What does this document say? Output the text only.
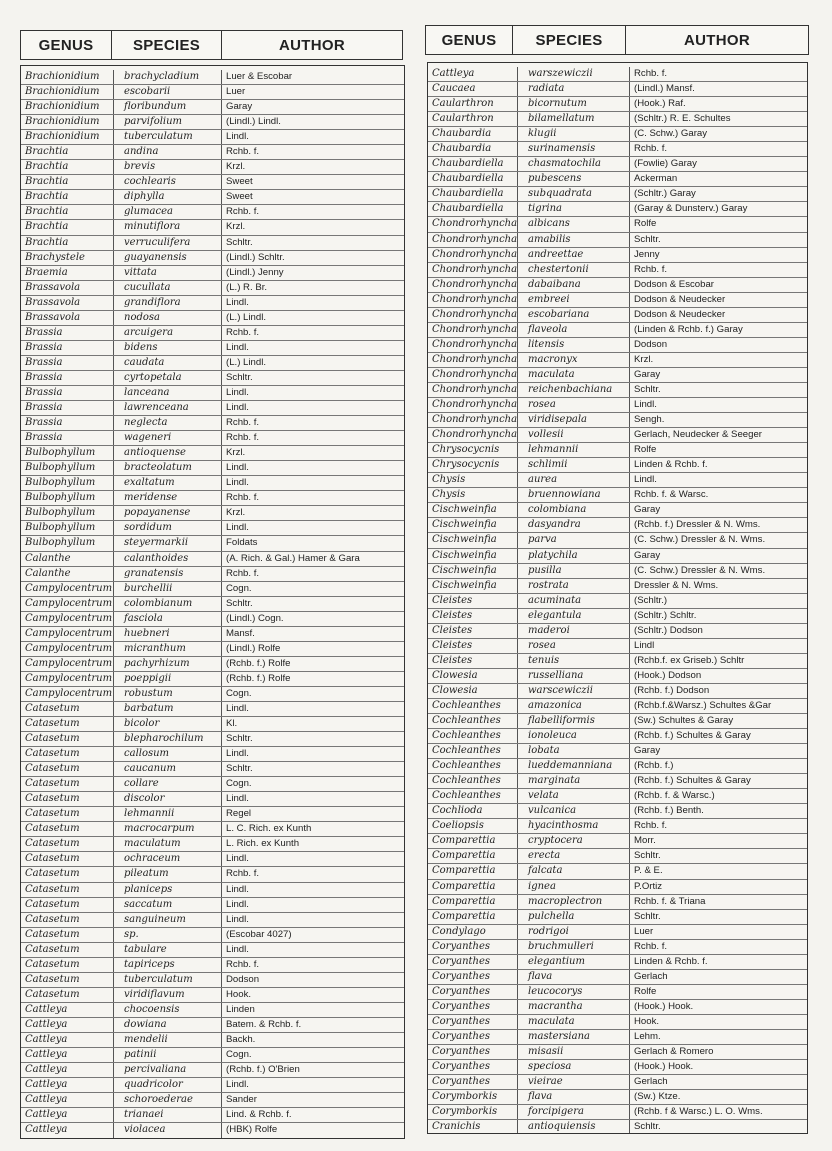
GENUS	SPECIES	AUTHOR	GENUS	SPECIES	AUTHOR
Brachionidium	brachycladium	Luer & Escobar
Brachionidium	escobarii	Luer
Brachionidium	floribundum	Garay
Brachionidium	parvifolium	(Lindl.) Lindl.
Brachionidium	tuberculatum	Lindl.
Brachtia	andina	Rchb. f.
Brachtia	brevis	Krzl.
Brachtia	cochlearis	Sweet
Brachtia	diphylla	Sweet
Brachtia	glumacea	Rchb. f.
Brachtia	minutiflora	Krzl.
Brachtia	verruculifera	Schltr.
Brachystele	guayanensis	(Lindl.) Schltr.
Braemia	vittata	(Lindl.) Jenny
Brassavola	cucullata	(L.) R. Br.
Brassavola	grandiflora	Lindl.
Brassavola	nodosa	(L.) Lindl.
Brassia	arcuigera	Rchb. f.
Brassia	bidens	Lindl.
Brassia	caudata	(L.) Lindl.
Brassia	cyrtopetala	Schltr.
Brassia	lanceana	Lindl.
Brassia	lawrenceana	Lindl.
Brassia	neglecta	Rchb. f.
Brassia	wageneri	Rchb. f.
Bulbophyllum	antioquense	Krzl.
Bulbophyllum	bracteolatum	Lindl.
Bulbophyllum	exaltatum	Lindl.
Bulbophyllum	meridense	Rchb. f.
Bulbophyllum	popayanense	Krzl.
Bulbophyllum	sordidum	Lindl.
Bulbophyllum	steyermarkii	Foldats
Calanthe	calanthoides	(A. Rich. & Gal.) Hamer & Gara
Calanthe	granatensis	Rchb. f.
Campylocentrum	burchellii	Cogn.
Campylocentrum	colombianum	Schltr.
Campylocentrum	fasciola	(Lindl.) Cogn.
Campylocentrum	huebneri	Mansf.
Campylocentrum	micranthum	(Lindl.) Rolfe
Campylocentrum	pachyrhizum	(Rchb. f.) Rolfe
Campylocentrum	poeppigii	(Rchb. f.) Rolfe
Campylocentrum	robustum	Cogn.
Catasetum	barbatum	Lindl.
Catasetum	bicolor	Kl.
Catasetum	blepharochilum	Schltr.
Catasetum	callosum	Lindl.
Catasetum	caucanum	Schltr.
Catasetum	collare	Cogn.
Catasetum	discolor	Lindl.
Catasetum	lehmannii	Regel
Catasetum	macrocarpum	L. C. Rich. ex Kunth
Catasetum	maculatum	L. Rich. ex Kunth
Catasetum	ochraceum	Lindl.
Catasetum	pileatum	Rchb. f.
Catasetum	planiceps	Lindl.
Catasetum	saccatum	Lindl.
Catasetum	sanguineum	Lindl.
Catasetum	sp.	(Escobar 4027)
Catasetum	tabulare	Lindl.
Catasetum	tapiriceps	Rchb. f.
Catasetum	tuberculatum	Dodson
Catasetum	viridiflavum	Hook.
Cattleya	chocoensis	Linden
Cattleya	dowiana	Batem. & Rchb. f.
Cattleya	mendelii	Backh.
Cattleya	patinii	Cogn.
Cattleya	percivaliana	(Rchb. f.) O'Brien
Cattleya	quadricolor	Lindl.
Cattleya	schoroederae	Sander
Cattleya	trianaei	Lind. & Rchb. f.
Cattleya	violacea	(HBK) Rolfe
Cattleya	warszewiczii	Rchb. f.
Caucaea	radiata	(Lindl.) Mansf.
Caularthron	bicornutum	(Hook.) Raf.
Caularthron	bilamellatum	(Schltr.) R. E. Schultes
Chaubardia	klugii	(C. Schw.) Garay
Chaubardia	surinamensis	Rchb. f.
Chaubardiella	chasmatochila	(Fowlie) Garay
Chaubardiella	pubescens	Ackerman
Chaubardiella	subquadrata	(Schltr.) Garay
Chaubardiella	tigrina	(Garay & Dunsterv.) Garay
Chondrorhyncha	albicans	Rolfe
Chondrorhyncha	amabilis	Schltr.
Chondrorhyncha	andreettae	Jenny
Chondrorhyncha	chestertonii	Rchb. f.
Chondrorhyncha	dabaibana	Dodson & Escobar
Chondrorhyncha	embreei	Dodson & Neudecker
Chondrorhyncha	escobariana	Dodson & Neudecker
Chondrorhyncha	flaveola	(Linden & Rchb. f.) Garay
Chondrorhyncha	litensis	Dodson
Chondrorhyncha	macronyx	Krzl.
Chondrorhyncha	maculata	Garay
Chondrorhyncha	reichenbachiana	Schltr.
Chondrorhyncha	rosea	Lindl.
Chondrorhyncha	viridisepala	Sengh.
Chondrorhyncha	vollesii	Gerlach, Neudecker & Seeger
Chrysocycnis	lehmannii	Rolfe
Chrysocycnis	schlimii	Linden & Rchb. f.
Chysis	aurea	Lindl.
Chysis	bruennowiana	Rchb. f. & Warsc.
Cischweinfia	colombiana	Garay
Cischweinfia	dasyandra	(Rchb. f.) Dressler & N. Wms.
Cischweinfia	parva	(C. Schw.) Dressler & N. Wms.
Cischweinfia	platychila	Garay
Cischweinfia	pusilla	(C. Schw.) Dressler & N. Wms.
Cischweinfia	rostrata	Dressler & N. Wms.
Cleistes	acuminata	(Schltr.)
Cleistes	elegantula	(Schltr.) Schltr.
Cleistes	maderoi	(Schltr.) Dodson
Cleistes	rosea	Lindl
Cleistes	tenuis	(Rchb.f. ex Griseb.) Schltr
Clowesia	russelliana	(Hook.) Dodson
Clowesia	warscewiczii	(Rchb. f.) Dodson
Cochleanthes	amazonica	(Rchb.f.&Warsz.) Schultes &Gar
Cochleanthes	flabelliformis	(Sw.) Schultes & Garay
Cochleanthes	ionoleuca	(Rchb. f.) Schultes & Garay
Cochleanthes	lobata	Garay
Cochleanthes	lueddemanniana	(Rchb. f.)
Cochleanthes	marginata	(Rchb. f.) Schultes & Garay
Cochleanthes	velata	(Rchb. f. & Warsc.)
Cochlioda	vulcanica	(Rchb. f.) Benth.
Coeliopsis	hyacinthosma	Rchb. f.
Comparettia	cryptocera	Morr.
Comparettia	erecta	Schltr.
Comparettia	falcata	P. & E.
Comparettia	ignea	P.Ortiz
Comparettia	macroplectron	Rchb. f. & Triana
Comparettia	pulchella	Schltr.
Condylago	rodrigoi	Luer
Coryanthes	bruchmulleri	Rchb. f.
Coryanthes	elegantium	Linden & Rchb. f.
Coryanthes	flava	Gerlach
Coryanthes	leucocorys	Rolfe
Coryanthes	macrantha	(Hook.) Hook.
Coryanthes	maculata	Hook.
Coryanthes	mastersiana	Lehm.
Coryanthes	misasii	Gerlach & Romero
Coryanthes	speciosa	(Hook.) Hook.
Coryanthes	vieirae	Gerlach
Corymborkis	flava	(Sw.) Ktze.
Corymborkis	forcipigera	(Rchb. f & Warsc.) L. O. Wms.
Cranichis	antioquiensis	Schltr.
